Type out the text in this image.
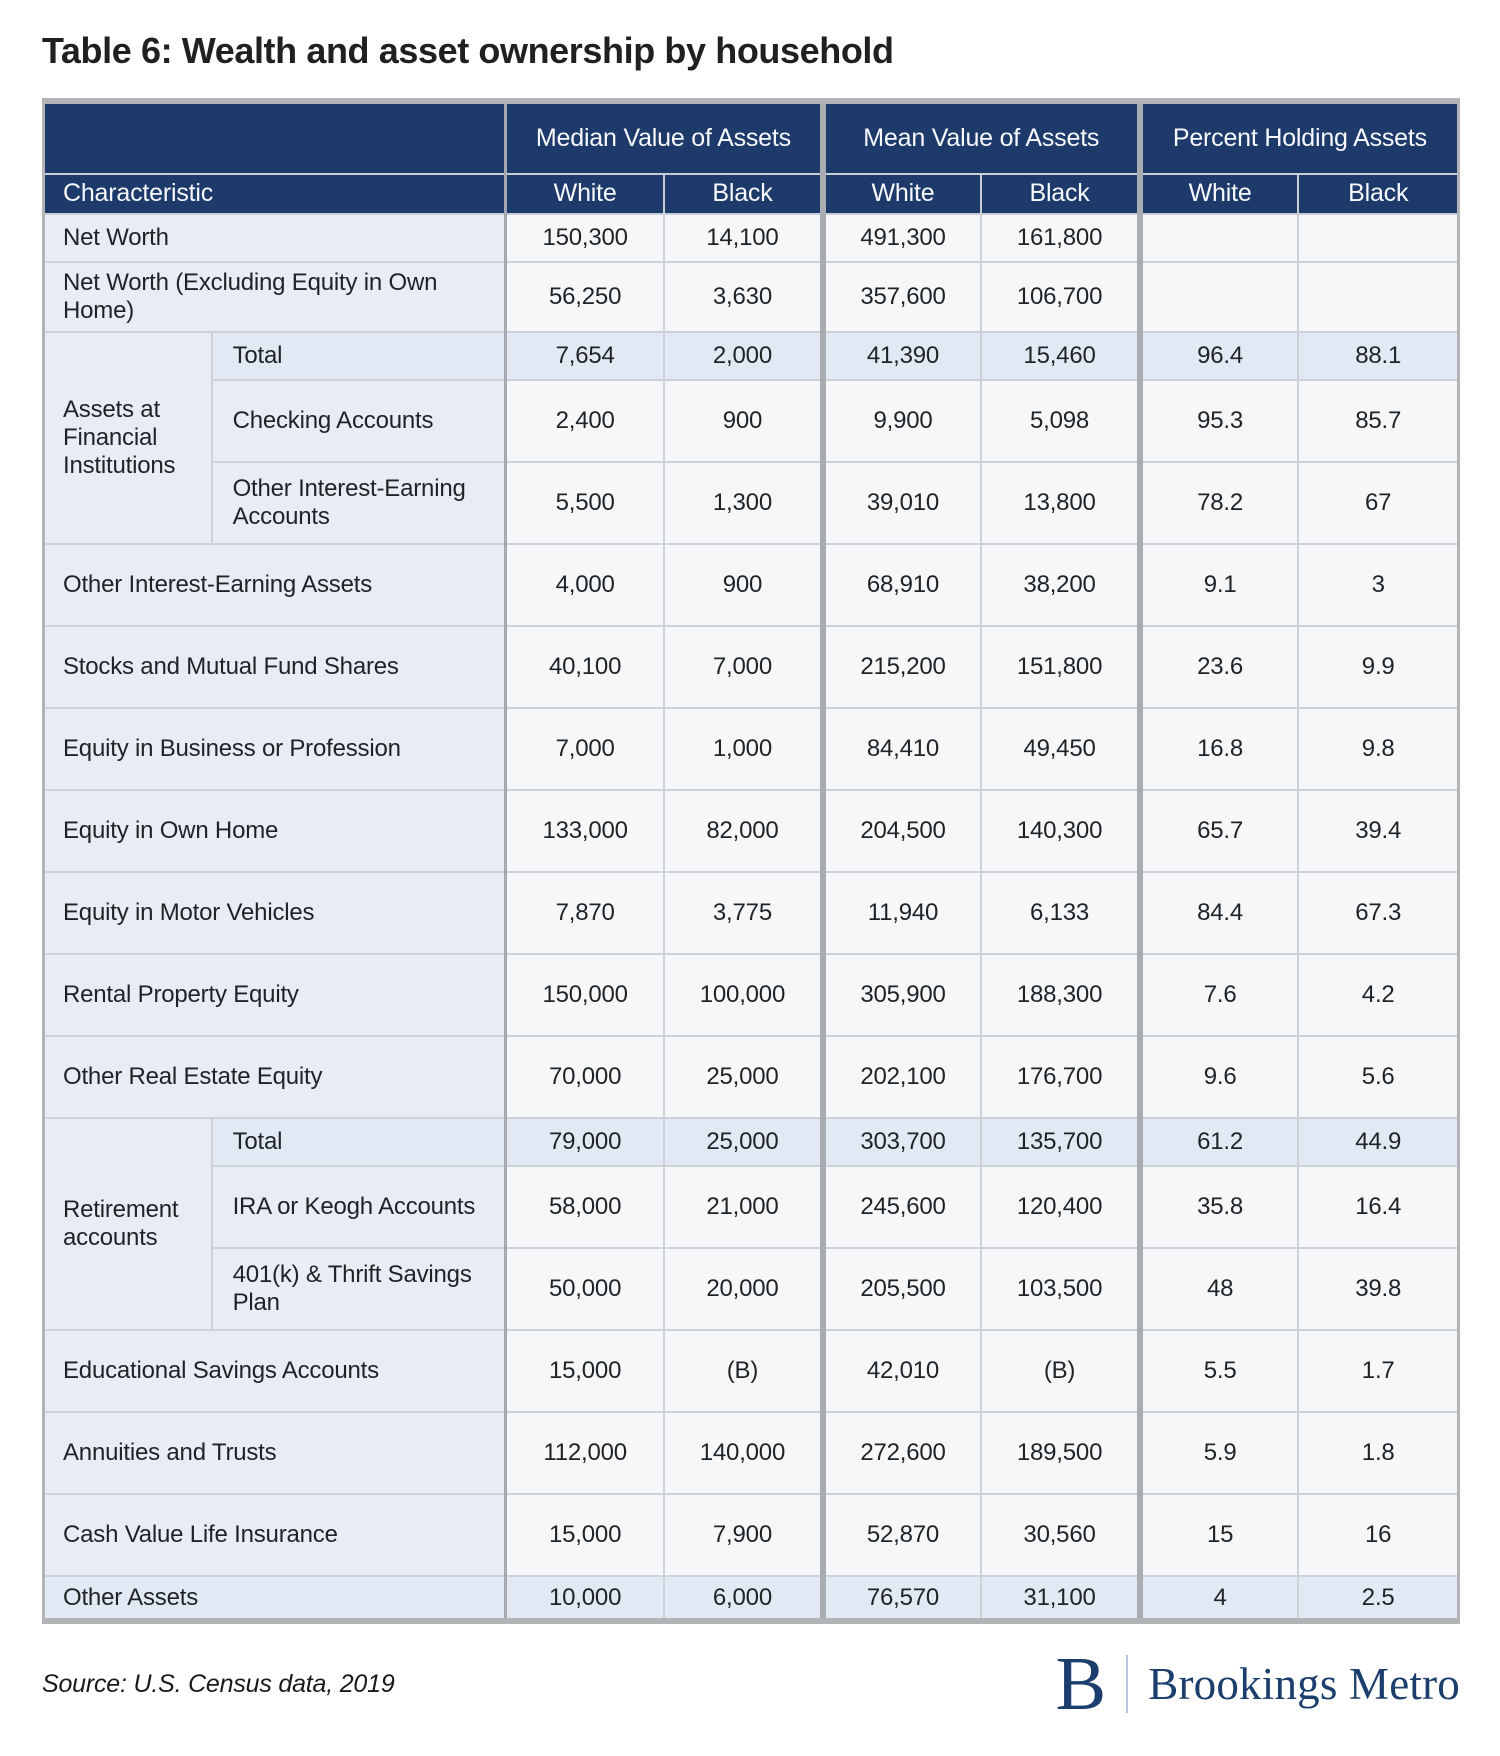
Table 6: Wealth and asset ownership by household
		Median Value of Assets		Mean Value of Assets		Percent Holding Assets	
Characteristic		White	Black	White	Black	White	Black
Net Worth		150,300	14,100	491,300	161,800		
Net Worth (Excluding Equity in Own Home)		56,250	3,630	357,600	106,700		
Assets at Financial Institutions	Total	7,654	2,000	41,390	15,460	96.4	88.1
	Checking Accounts	2,400	900	9,900	5,098	95.3	85.7
	Other Interest-Earning Accounts	5,500	1,300	39,010	13,800	78.2	67
Other Interest-Earning Assets		4,000	900	68,910	38,200	9.1	3
Stocks and Mutual Fund Shares		40,100	7,000	215,200	151,800	23.6	9.9
Equity in Business or Profession		7,000	1,000	84,410	49,450	16.8	9.8
Equity in Own Home		133,000	82,000	204,500	140,300	65.7	39.4
Equity in Motor Vehicles		7,870	3,775	11,940	6,133	84.4	67.3
Rental Property Equity		150,000	100,000	305,900	188,300	7.6	4.2
Other Real Estate Equity		70,000	25,000	202,100	176,700	9.6	5.6
Retirement accounts	Total	79,000	25,000	303,700	135,700	61.2	44.9
	IRA or Keogh Accounts	58,000	21,000	245,600	120,400	35.8	16.4
	401(k) & Thrift Savings Plan	50,000	20,000	205,500	103,500	48	39.8
Educational Savings Accounts		15,000	(B)	42,010	(B)	5.5	1.7
Annuities and Trusts		112,000	140,000	272,600	189,500	5.9	1.8
Cash Value Life Insurance		15,000	7,900	52,870	30,560	15	16
Other Assets		10,000	6,000	76,570	31,100	4	2.5
Source: U.S. Census data, 2019	B Brookings Metro
